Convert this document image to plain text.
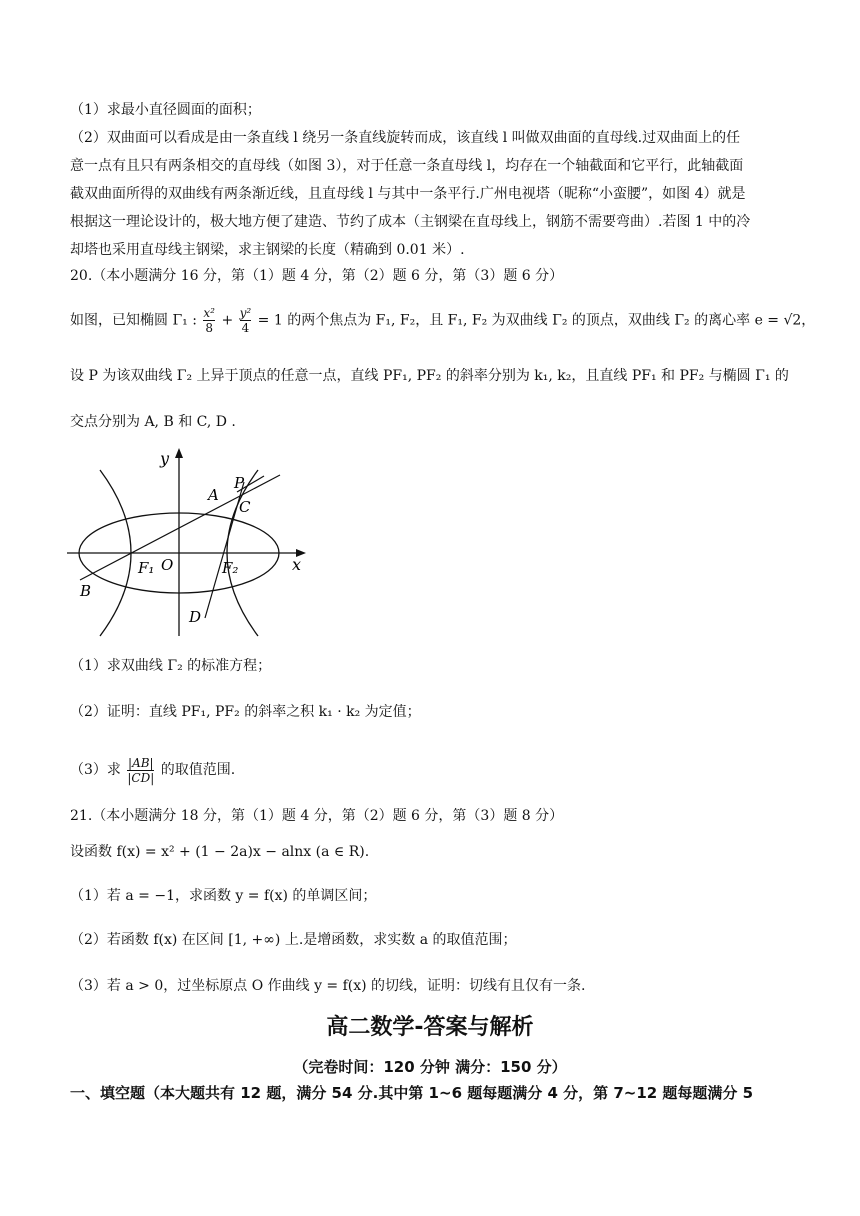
（1）求最小直径圆面的面积；
（2）双曲面可以看成是由一条直线 l 绕另一条直线旋转而成，该直线 l 叫做双曲面的直母线.过双曲面上的任
意一点有且只有两条相交的直母线（如图 3），对于任意一条直母线 l，均存在一个轴截面和它平行，此轴截面
截双曲面所得的双曲线有两条渐近线，且直母线 l 与其中一条平行.广州电视塔（昵称“小蛮腰”，如图 4）就是
根据这一理论设计的，极大地方便了建造、节约了成本（主钢梁在直母线上，钢筋不需要弯曲）.若图 1 中的冷
却塔也采用直母线主钢梁，求主钢梁的长度（精确到 0.01 米）.
20.（本小题满分 16 分，第（1）题 4 分，第（2）题 6 分，第（3）题 6 分）
如图，已知椭圆 Γ₁ : $\frac{\text{x²}}{8} + \frac{\text{y²}}{4} = 1$ 的两个焦点为 F₁, F₂，且 F₁, F₂ 为双曲线 Γ₂ 的顶点，双曲线 Γ₂ 的离心率 e = √2，
设 P 为该双曲线 Γ₂ 上异于顶点的任意一点，直线 PF₁, PF₂ 的斜率分别为 k₁, k₂，且直线 PF₁ 和 PF₂ 与椭圆 Γ₁ 的
交点分别为 A, B 和 C, D .
y
x
P
A
C
F₁ O	F₂
B
D
（1）求双曲线 Γ₂ 的标准方程；
（2）证明：直线 PF₁, PF₂ 的斜率之积 k₁ · k₂ 为定值；
（3）求 $\frac{|AB|}{|CD|}$ 的取值范围.
21.（本小题满分 18 分，第（1）题 4 分，第（2）题 6 分，第（3）题 8 分）
设函数 f(x) = x² + (1 − 2a)x − alnx (a ∈ R).
（1）若 a = −1，求函数 y = f(x) 的单调区间；
（2）若函数 f(x) 在区间 [1, +∞) 上.是增函数，求实数 a 的取值范围；
（3）若 a > 0，过坐标原点 O 作曲线 y = f(x) 的切线，证明：切线有且仅有一条.
高二数学-答案与解析
（完卷时间：120 分钟 满分：150 分）
一、填空题（本大题共有 12 题，满分 54 分.其中第 1~6 题每题满分 4 分，第 7~12 题每题满分 5
